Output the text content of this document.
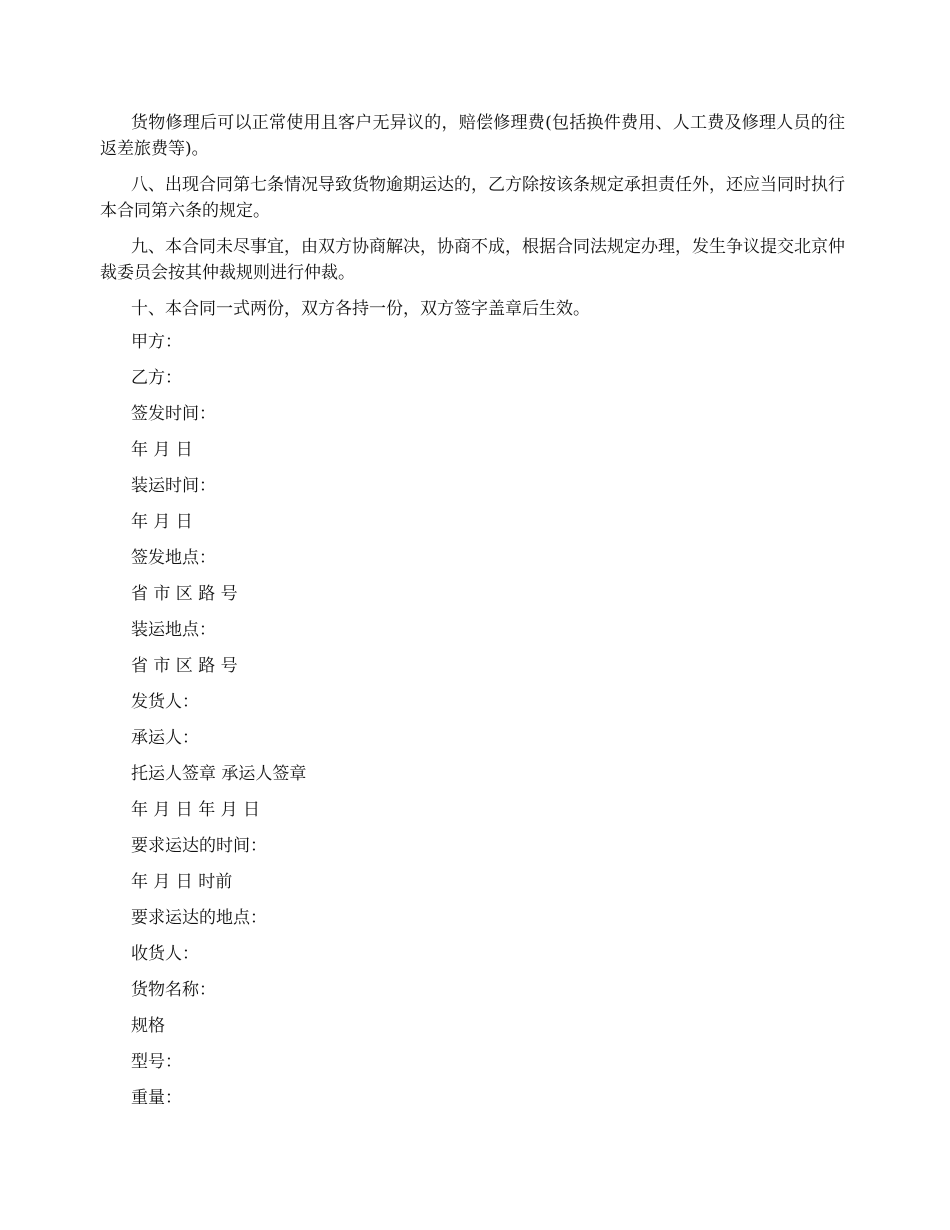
货物修理后可以正常使用且客户无异议的，赔偿修理费(包括换件费用、人工费及修理人员的往返差旅费等)。

八、出现合同第七条情况导致货物逾期运达的，乙方除按该条规定承担责任外，还应当同时执行本合同第六条的规定。

九、本合同未尽事宜，由双方协商解决，协商不成，根据合同法规定办理，发生争议提交北京仲裁委员会按其仲裁规则进行仲裁。

十、本合同一式两份，双方各持一份，双方签字盖章后生效。

甲方：

乙方：

签发时间：

年 月 日

装运时间：

年 月 日

签发地点：

省 市 区 路 号

装运地点：

省 市 区 路 号

发货人：

承运人：

托运人签章 承运人签章

年 月 日 年 月 日

要求运达的时间：

年 月 日 时前

要求运达的地点：

收货人：

货物名称：

规格

型号：

重量：
